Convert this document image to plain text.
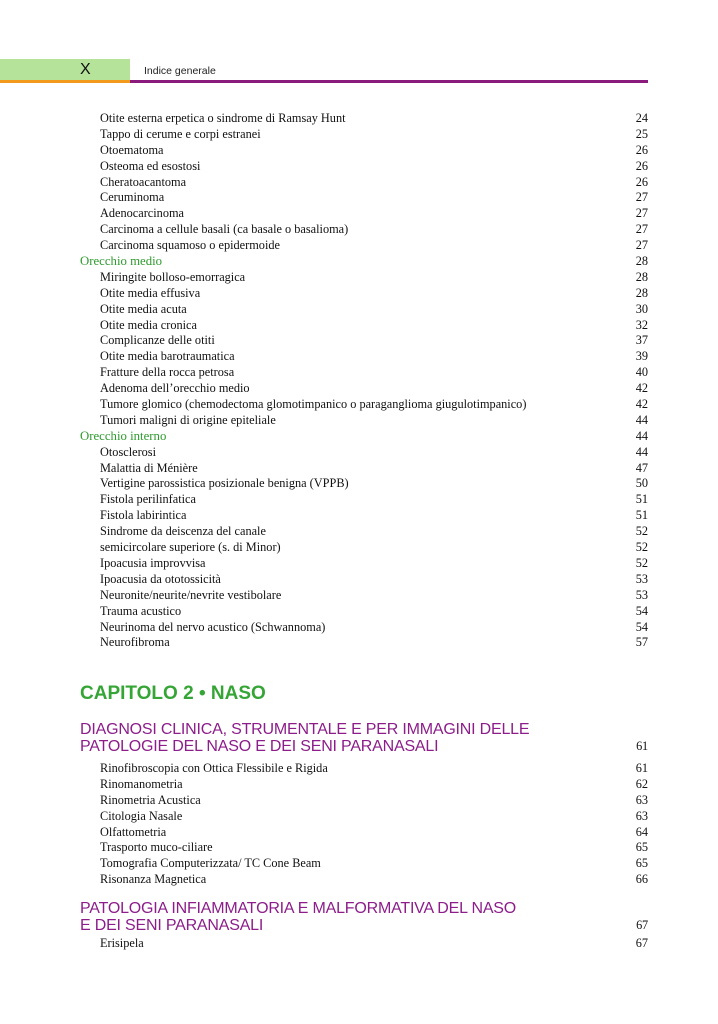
X	Indice generale
Otite esterna erpetica o sindrome di Ramsay Hunt	24
Tappo di cerume e corpi estranei	25
Otoematoma	26
Osteoma ed esostosi	26
Cheratoacantoma	26
Ceruminoma	27
Adenocarcinoma	27
Carcinoma a cellule basali (ca basale o basalioma)	27
Carcinoma squamoso o epidermoide	27
Orecchio medio	28
Miringite bolloso-emorragica	28
Otite media effusiva	28
Otite media acuta	30
Otite media cronica	32
Complicanze delle otiti	37
Otite media barotraumatica	39
Fratture della rocca petrosa	40
Adenoma dell’orecchio medio	42
Tumore glomico (chemodectoma glomotimpanico o paraganglioma giugulotimpanico)	42
Tumori maligni di origine epiteliale	44
Orecchio interno	44
Otosclerosi	44
Malattia di Ménière	47
Vertigine parossistica posizionale benigna (VPPB)	50
Fistola perilinfatica	51
Fistola labirintica	51
Sindrome da deiscenza del canale	52
semicircolare superiore (s. di Minor)	52
Ipoacusia improvvisa	52
Ipoacusia da ototossicità	53
Neuronite/neurite/nevrite vestibolare	53
Trauma acustico	54
Neurinoma del nervo acustico (Schwannoma)	54
Neurofibroma	57
CAPITOLO 2 • NASO
DIAGNOSI CLINICA, STRUMENTALE E PER IMMAGINI DELLE
PATOLOGIE DEL NASO E DEI SENI PARANASALI	61
Rinofibroscopia con Ottica Flessibile e Rigida	61
Rinomanometria	62
Rinometria Acustica	63
Citologia Nasale	63
Olfattometria	64
Trasporto muco-ciliare	65
Tomografia Computerizzata/ TC Cone Beam	65
Risonanza Magnetica	66
PATOLOGIA INFIAMMATORIA E MALFORMATIVA DEL NASO
E DEI SENI PARANASALI	67
Erisipela	67
